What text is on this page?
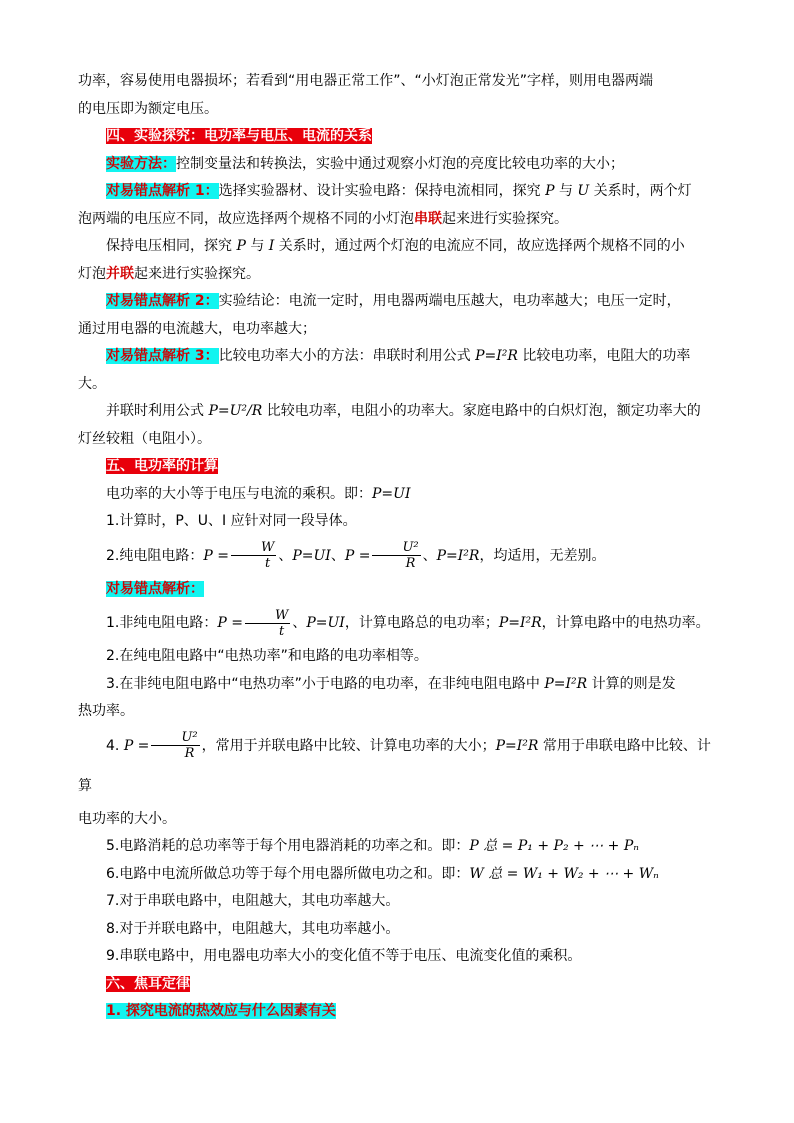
功率，容易使用电器损坏；若看到“用电器正常工作”、“小灯泡正常发光”字样，则用电器两端

的电压即为额定电压。

四、实验探究：电功率与电压、电流的关系

实验方法：控制变量法和转换法，实验中通过观察小灯泡的亮度比较电功率的大小；

对易错点解析 1：选择实验器材、设计实验电路：保持电流相同，探究 P 与 U 关系时，两个灯

泡两端的电压应不同，故应选择两个规格不同的小灯泡串联起来进行实验探究。

保持电压相同，探究 P 与 I 关系时，通过两个灯泡的电流应不同，故应选择两个规格不同的小

灯泡并联起来进行实验探究。

对易错点解析 2：实验结论：电流一定时，用电器两端电压越大，电功率越大；电压一定时，

通过用电器的电流越大，电功率越大；

对易错点解析 3：比较电功率大小的方法：串联时利用公式 P=I²R 比较电功率，电阻大的功率

大。

并联时利用公式 P=U²/R 比较电功率，电阻小的功率大。家庭电路中的白炽灯泡，额定功率大的

灯丝较粗（电阻小）。

五、电功率的计算

电功率的大小等于电压与电流的乘积。即：P=UI

1.计算时，P、U、I 应针对同一段导体。

2.纯电阻电路：$P = \frac{W}{t}$ 、P=UI、$P = \frac{\text{U²}}{R}$ 、P=I²R，均适用，无差别。

对易错点解析：

1.非纯电阻电路：$P = \frac{W}{t}$ 、P=UI，计算电路总的电功率；P=I²R，计算电路中的电热功率。

2.在纯电阻电路中“电热功率”和电路的电功率相等。

3.在非纯电阻电路中“电热功率”小于电路的电功率，在非纯电阻电路中 P=I²R 计算的则是发

热功率。

4. $P = \frac{\text{U²}}{R}$ ，常用于并联电路中比较、计算电功率的大小；P=I²R 常用于串联电路中比较、计算

电功率的大小。

5.电路消耗的总功率等于每个用电器消耗的功率之和。即：P 总 = P₁ + P₂ + ⋯ + Pₙ

6.电路中电流所做总功等于每个用电器所做电功之和。即：W 总 = W₁ + W₂ + ⋯ + Wₙ

7.对于串联电路中，电阻越大，其电功率越大。

8.对于并联电路中，电阻越大，其电功率越小。

9.串联电路中，用电器电功率大小的变化值不等于电压、电流变化值的乘积。

六、焦耳定律

1. 探究电流的热效应与什么因素有关
